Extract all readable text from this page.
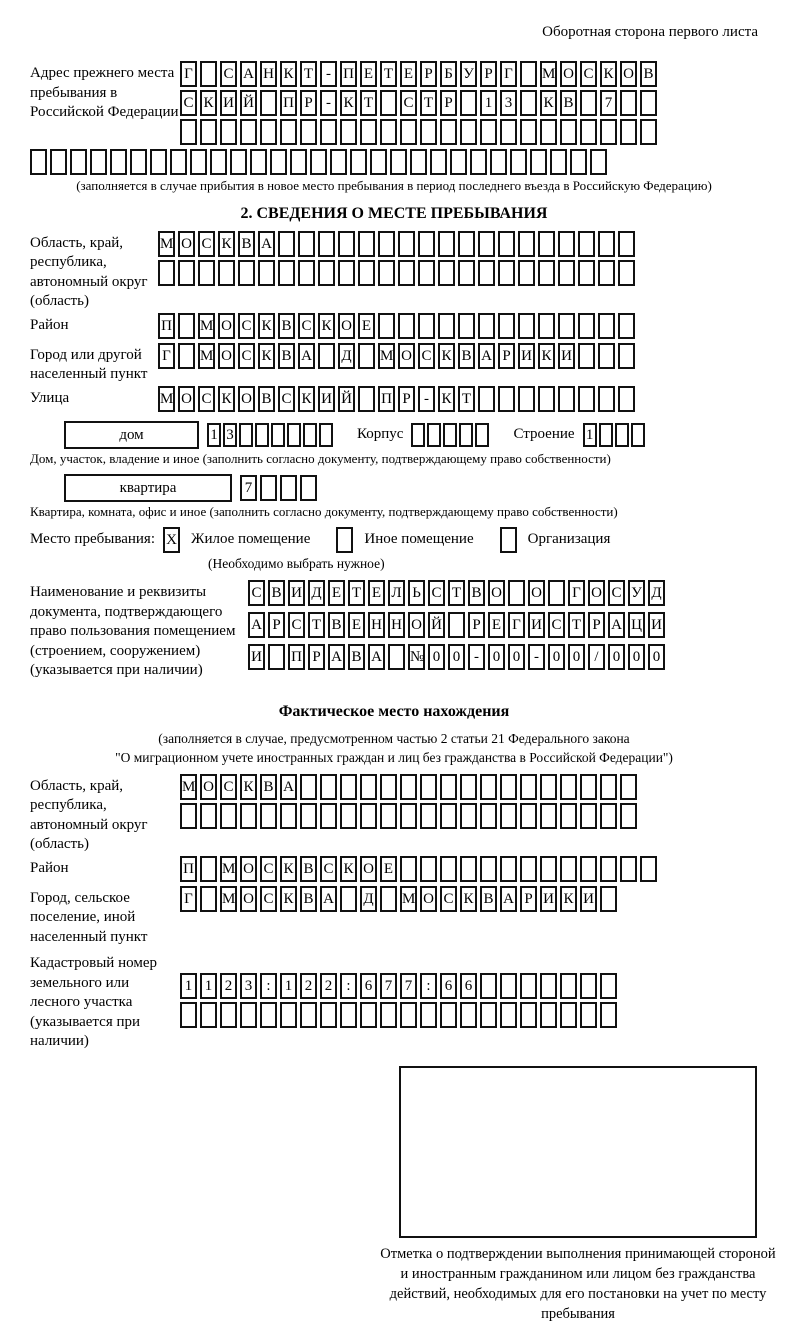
Оборотная сторона первого листа
Адрес прежнего места пребывания в Российской Федерации
Г С А Н К Т - П Е Т Е Р Б У Р Г М О С К О В
С К И Й П Р - К Т С Т Р 1 3 К В 7
(заполняется в случае прибытия в новое место пребывания в период последнего въезда в Российскую Федерацию)
2. СВЕДЕНИЯ О МЕСТЕ ПРЕБЫВАНИЯ
Область, край, республика, автономный округ (область)
М О С К В А
Район	П М О С К В С К О Е
Город или другой населенный пункт
Г М О С К В А Д М О С К В А Р И К И
Улица	М О С К О В С К И Й П Р - К Т
дом	1 3	Корпус	Строение 1
Дом, участок, владение и иное (заполнить согласно документу, подтверждающему право собственности)
квартира	7
Квартира, комната, офис и иное (заполнить согласно документу, подтверждающему право собственности)
Место пребывания: X Жилое помещение	Иное помещение	Организация
(Необходимо выбрать нужное)
Наименование и реквизиты документа, подтверждающего право пользования помещением (строением, сооружением) (указывается при наличии)
С В И Д Е Т Е Л Ь С Т В О О Г О С У Д
А Р С Т В Е Н Н О Й Р Е Г И С Т Р А Ц И
И П Р А В А № 0 0 - 0 0 - 0 0 / 0 0 0
Фактическое место нахождения
(заполняется в случае, предусмотренном частью 2 статьи 21 Федерального закона
"О миграционном учете иностранных граждан и лиц без гражданства в Российской Федерации")
Область, край, республика, автономный округ (область)
М О С К В А
Район	П М О С К В С К О Е
Город, сельское поселение, иной населенный пункт
Г М О С К В А Д М О С К В А Р И К И
Кадастровый номер земельного или лесного участка (указывается при наличии)
1 1 2 3 : 1 2 2 : 6 7 7 : 6 6
Отметка о подтверждении выполнения принимающей стороной и иностранным гражданином или лицом без гражданства действий, необходимых для его постановки на учет по месту пребывания
